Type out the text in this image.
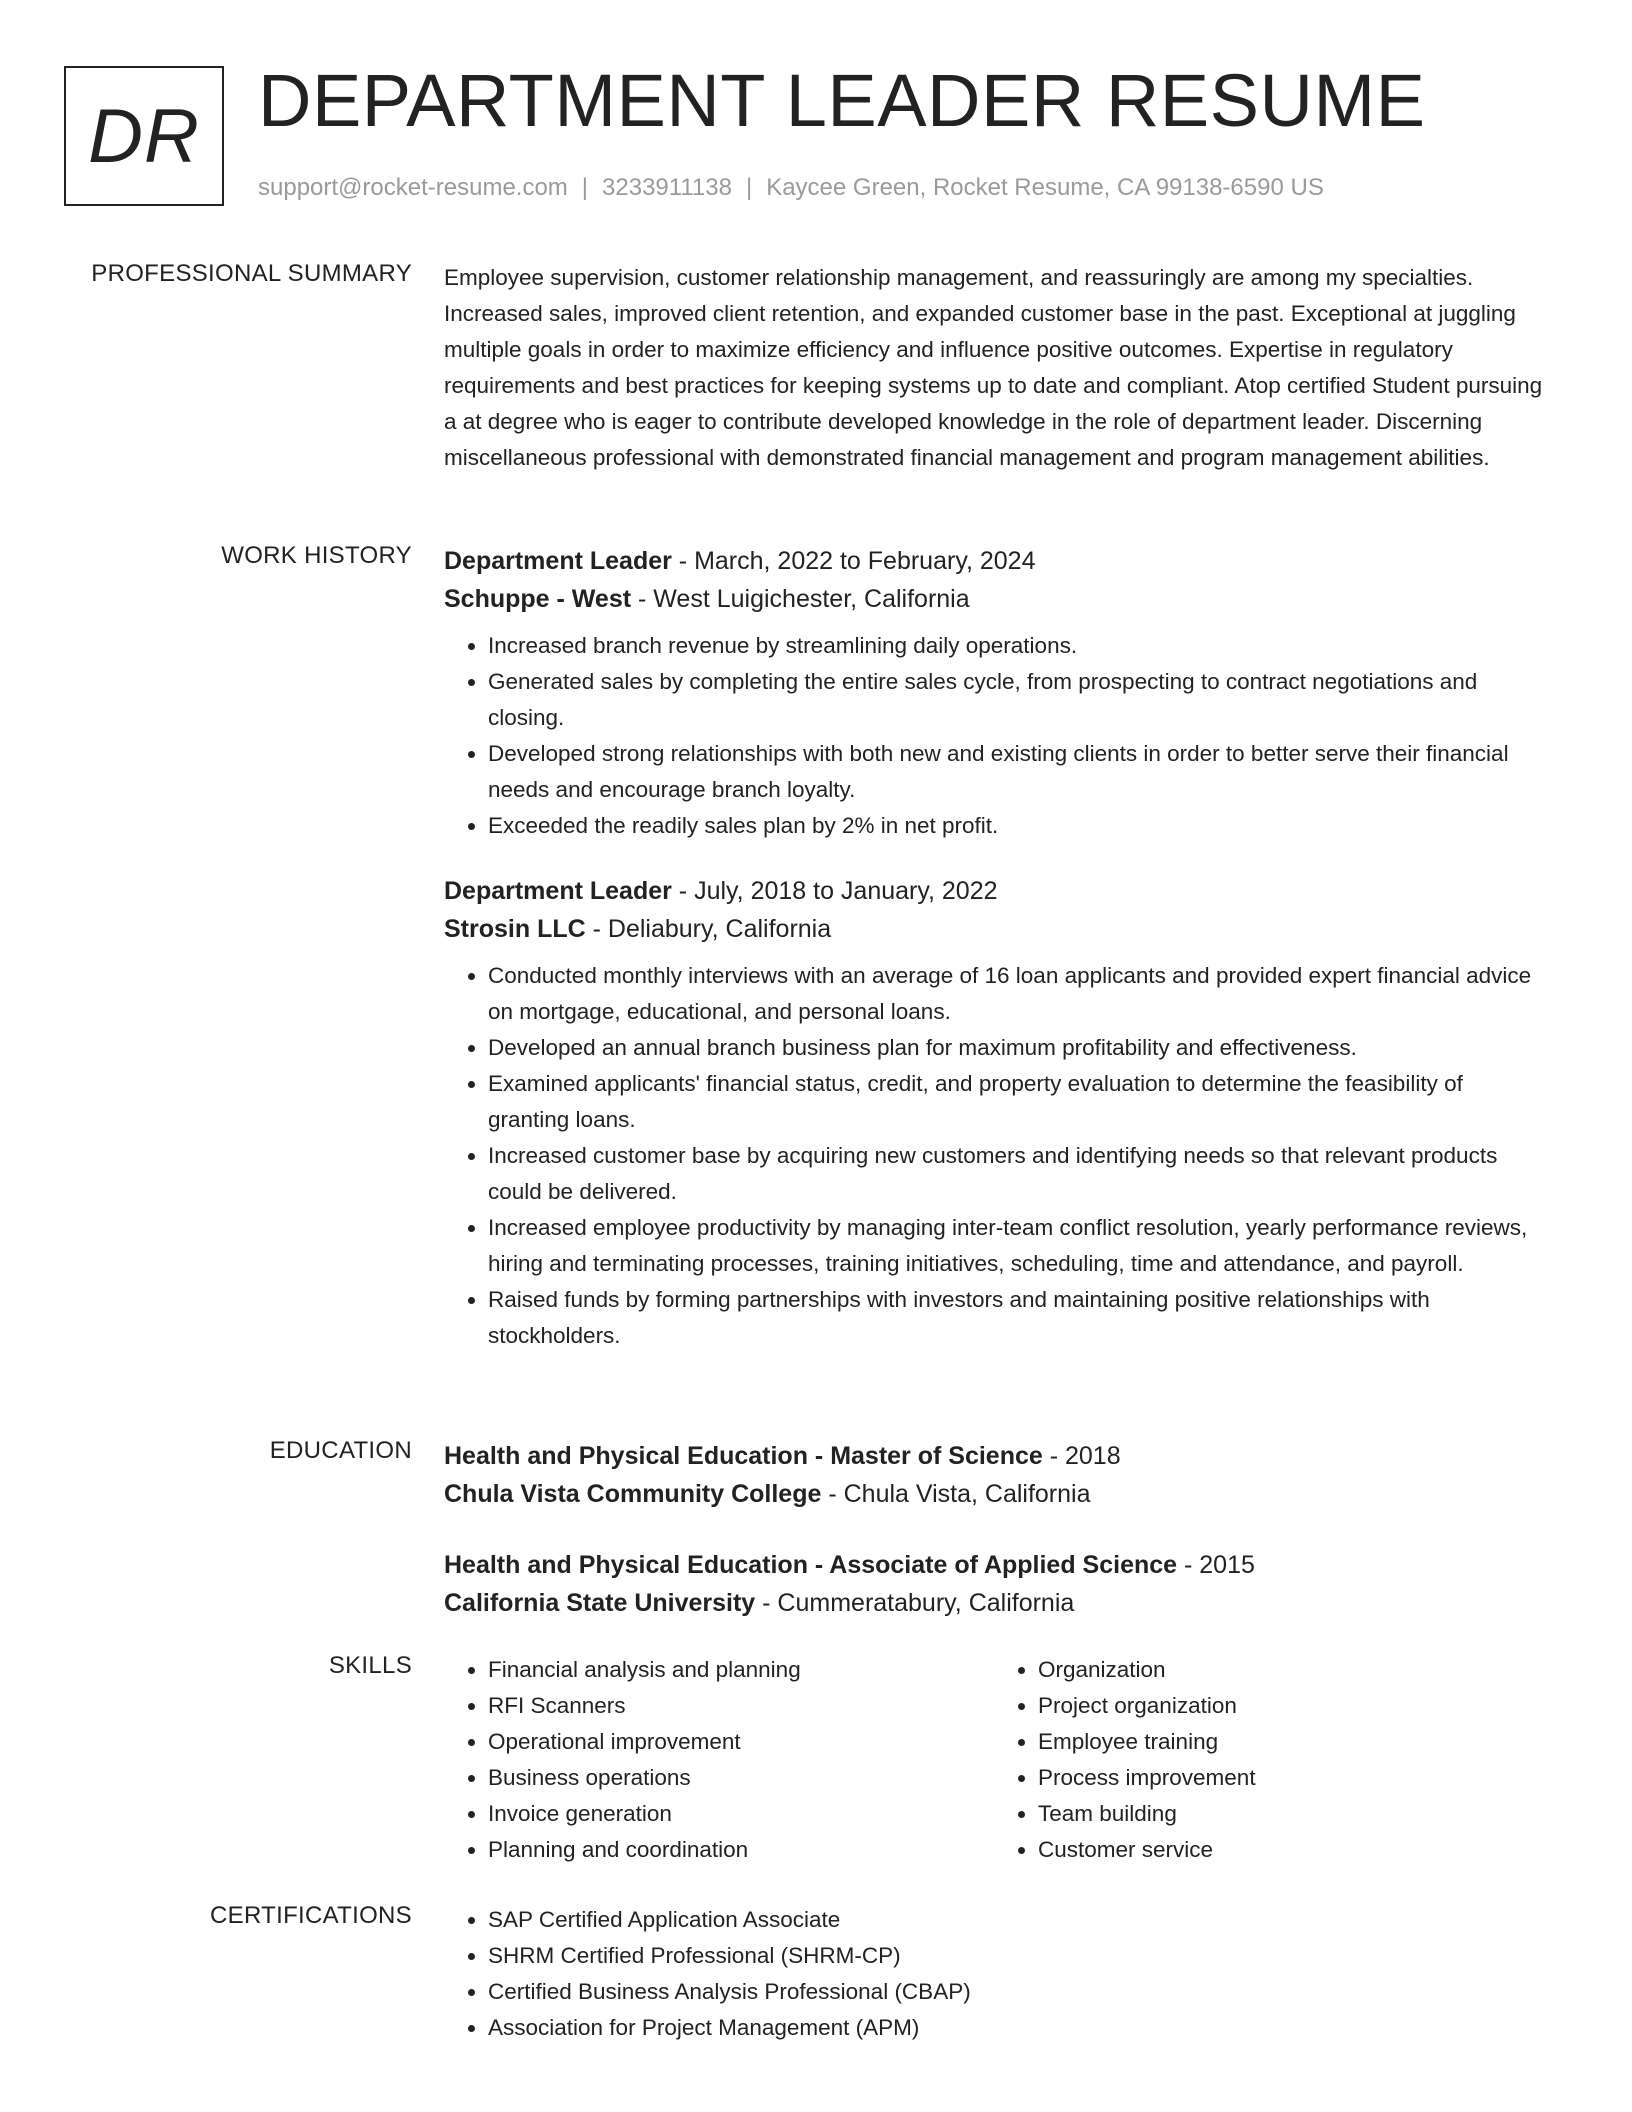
DR DEPARTMENT LEADER RESUME
support@rocket-resume.com | 3233911138 | Kaycee Green, Rocket Resume, CA 99138-6590 US
PROFESSIONAL SUMMARY Employee supervision, customer relationship management, and reassuringly are among my specialties. Increased sales, improved client retention, and expanded customer base in the past. Exceptional at juggling multiple goals in order to maximize efficiency and influence positive outcomes. Expertise in regulatory requirements and best practices for keeping systems up to date and compliant. Atop certified Student pursuing a at degree who is eager to contribute developed knowledge in the role of department leader. Discerning miscellaneous professional with demonstrated financial management and program management abilities.

WORK HISTORY Department Leader - March, 2022 to February, 2024
Schuppe - West - West Luigichester, California
• Increased branch revenue by streamlining daily operations.
• Generated sales by completing the entire sales cycle, from prospecting to contract negotiations and closing.
• Developed strong relationships with both new and existing clients in order to better serve their financial needs and encourage branch loyalty.
• Exceeded the readily sales plan by 2% in net profit.
Department Leader - July, 2018 to January, 2022
Strosin LLC - Deliabury, California
• Conducted monthly interviews with an average of 16 loan applicants and provided expert financial advice on mortgage, educational, and personal loans.
• Developed an annual branch business plan for maximum profitability and effectiveness.
• Examined applicants' financial status, credit, and property evaluation to determine the feasibility of granting loans.
• Increased customer base by acquiring new customers and identifying needs so that relevant products could be delivered.
• Increased employee productivity by managing inter-team conflict resolution, yearly performance reviews, hiring and terminating processes, training initiatives, scheduling, time and attendance, and payroll.
• Raised funds by forming partnerships with investors and maintaining positive relationships with stockholders.
EDUCATION Health and Physical Education - Master of Science - 2018
Chula Vista Community College - Chula Vista, California
Health and Physical Education - Associate of Applied Science - 2015
California State University - Cummeratabury, California
SKILLS	• Financial analysis and planning
• RFI Scanners
• Operational improvement
• Business operations
• Invoice generation
• Planning and coordination
• Organization
• Project organization
• Employee training
• Process improvement
• Team building
• Customer service
CERTIFICATIONS	• SAP Certified Application Associate
• SHRM Certified Professional (SHRM-CP)
• Certified Business Analysis Professional (CBAP)
• Association for Project Management (APM)
